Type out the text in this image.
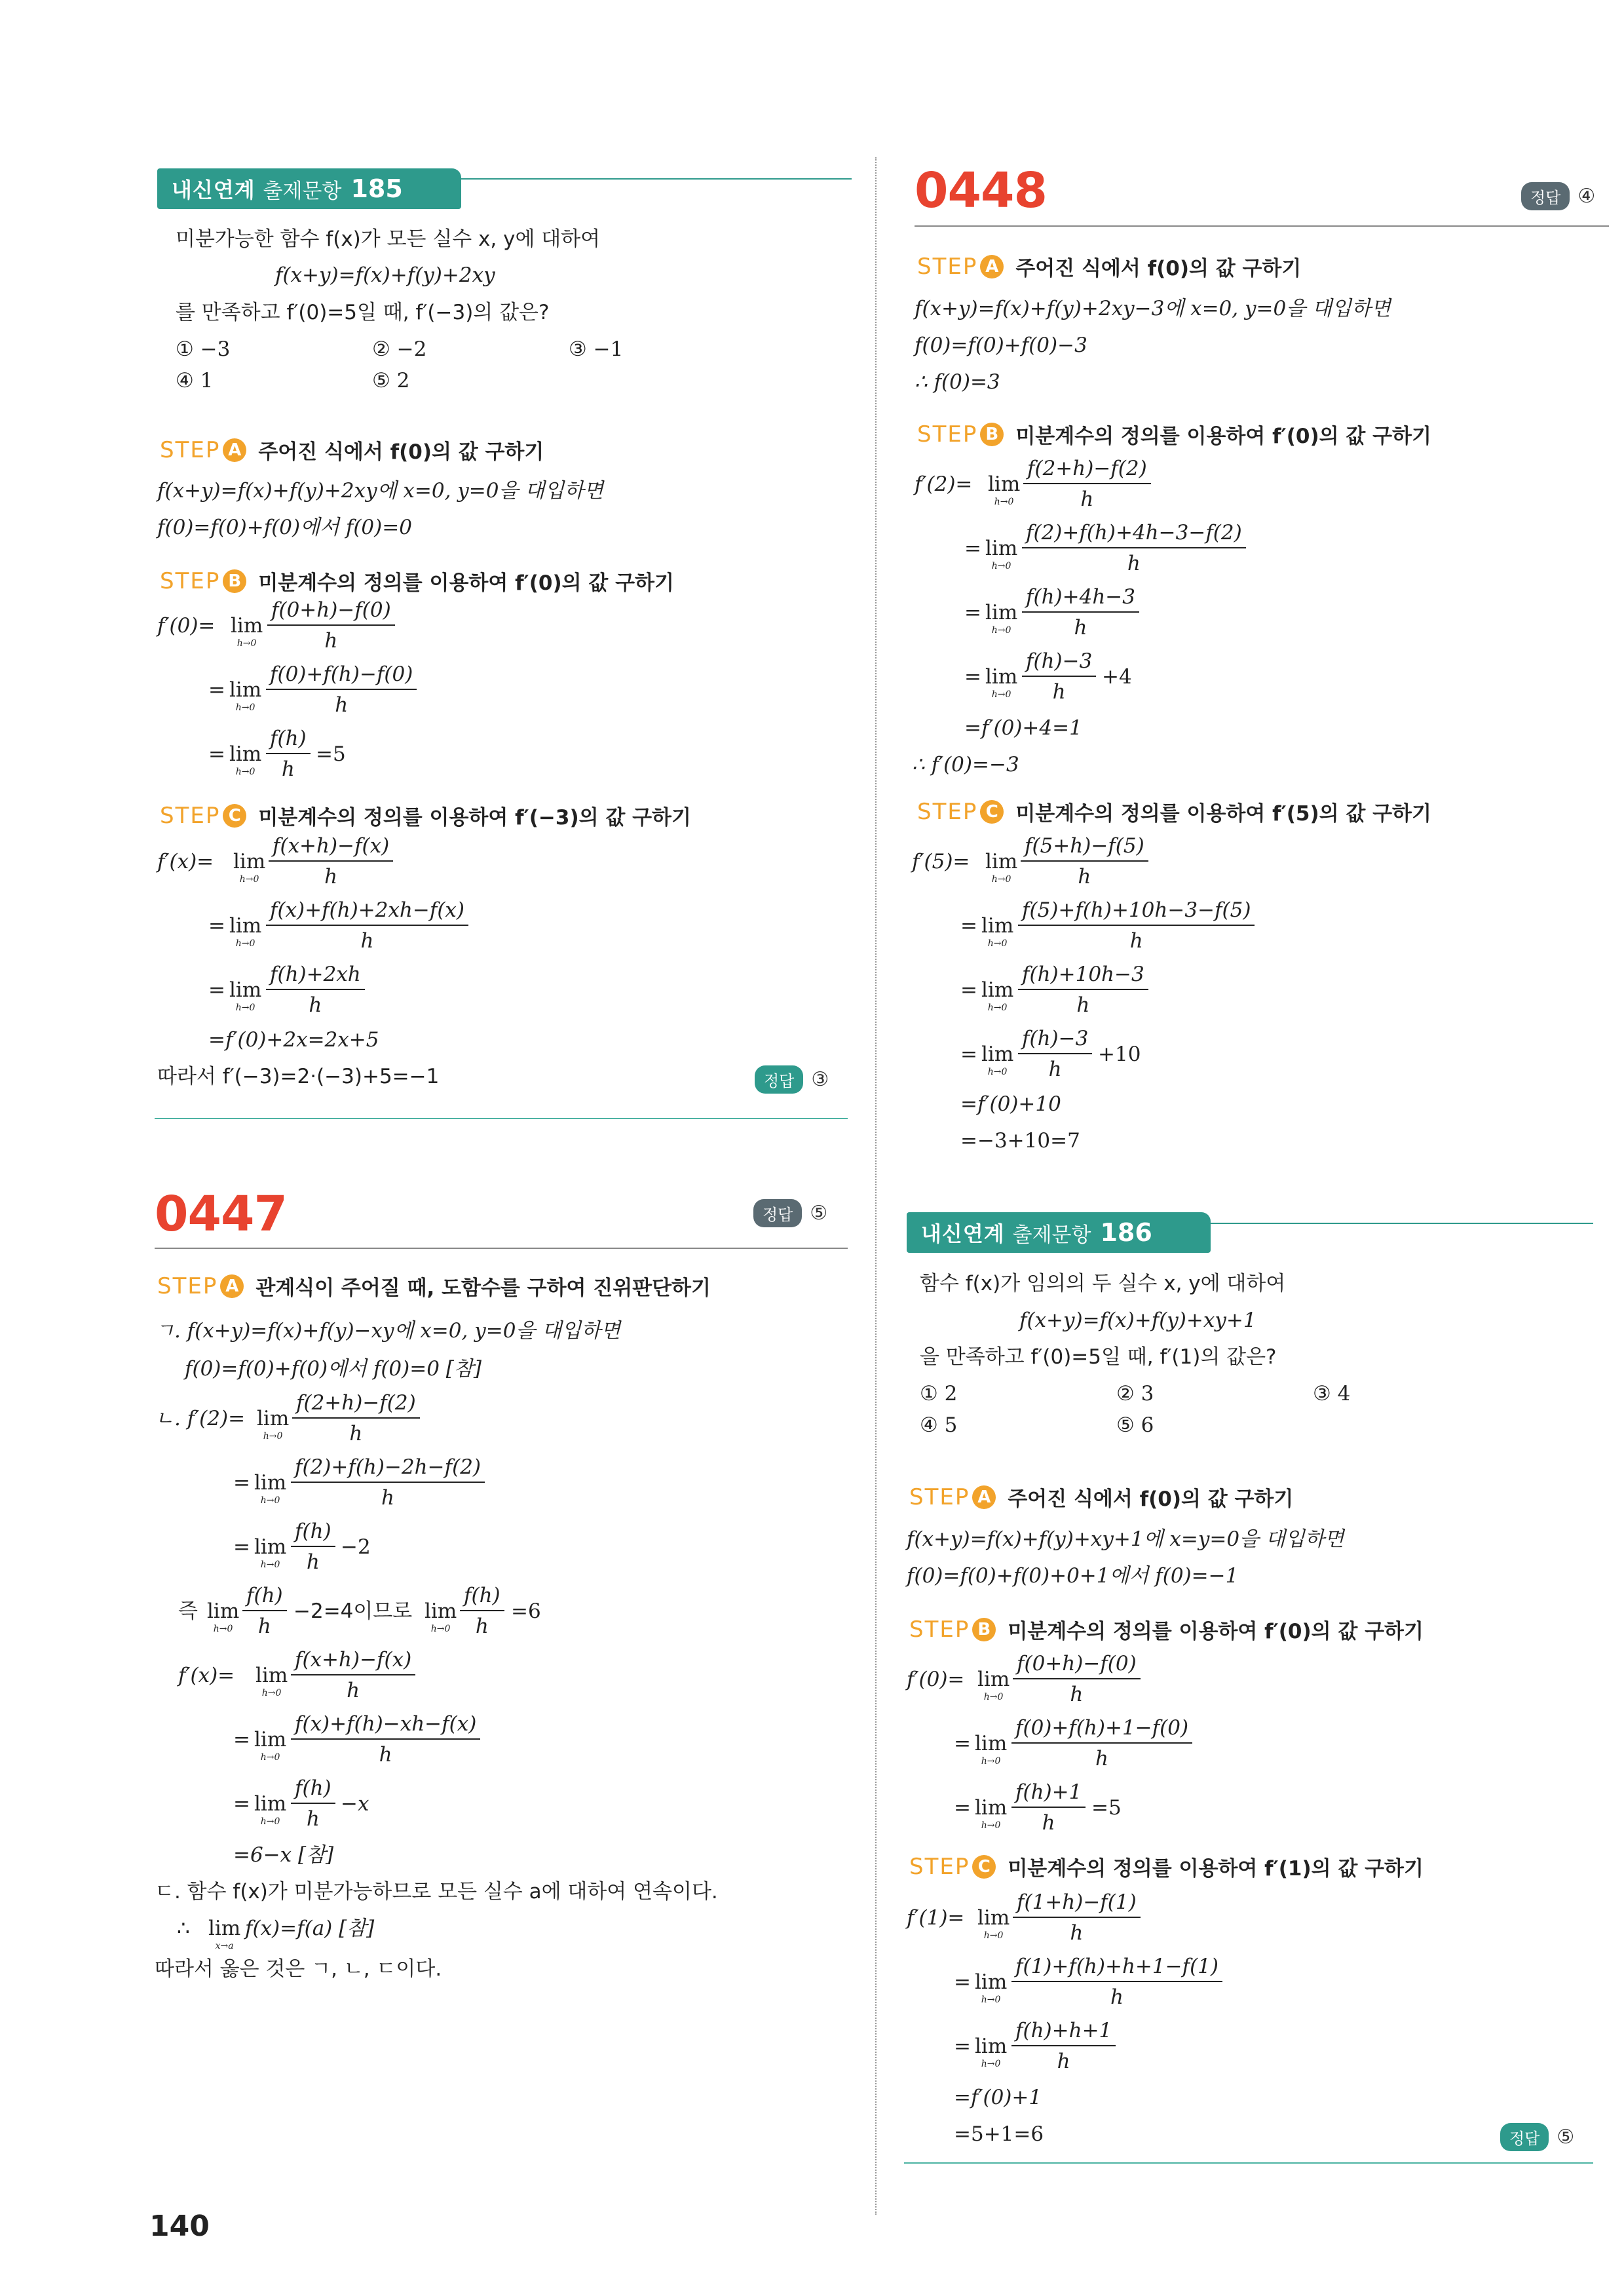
내신연계 출제문항 185
미분가능한 함수 f(x)가 모든 실수 x, y에 대하여
f(x+y)=f(x)+f(y)+2xy
를 만족하고 f′(0)=5일 때, f′(−3)의 값은?
① −3	② −2	③ −1
④ 1	⑤ 2
STEP A 주어진 식에서 f(0)의 값 구하기
f(x+y)=f(x)+f(y)+2xy에 x=0, y=0을 대입하면
f(0)=f(0)+f(0)에서 f(0)=0
STEP B 미분계수의 정의를 이용하여 f′(0)의 값 구하기
f′(0)= lim
$h\to 0 \frac{f(0+h)-f(0)}{h}$
= lim
$h\to 0 \frac{f(0)+f(h)-f(0)}{h}$
= lim
$h\to 0 \frac{f(h)}{h} =5$
STEP C 미분계수의 정의를 이용하여 f′(−3)의 값 구하기
f′(x)= lim
$h\to 0 \frac{f(x+h)-f(x)}{h}$
= lim
$h\to 0 \frac{f(x)+f(h)+2xh-f(x)}{h}$
= lim
$h\to 0 \frac{f(h)+2xh}{h}$
=f′(0)+2x=2x+5
따라서 f′(−3)=2·(−3)+5=−1	정답 ③
0447	정답 ⑤
STEP A 관계식이 주어질 때, 도함수를 구하여 진위판단하기
ㄱ. f(x+y)=f(x)+f(y)−xy에 x=0, y=0을 대입하면
f(0)=f(0)+f(0)에서 f(0)=0 [참]
ㄴ. f′(2)= lim
$h\to 0 \frac{f(2+h)-f(2)}{h}$
= lim
$h\to 0 \frac{f(2)+f(h)-2h-f(2)}{h}$
= lim
$h\to 0 \frac{f(h)}{h} -2$
즉 lim
$h\to 0 \frac{f(h)}{h} -2=4$이므로 lim
$h\to 0 \frac{f(h)}{h} =6$
f′(x)= lim
$h\to 0 \frac{f(x+h)-f(x)}{h}$
= lim
$h\to 0 \frac{f(x)+f(h)-xh-f(x)}{h}$
= lim
$h\to 0 \frac{f(h)}{h} -x$
=6−x [참]
ㄷ. 함수 f(x)가 미분가능하므로 모든 실수 a에 대하여 연속이다.
∴ lim
x→a
f(x)=f(a) [참]
따라서 옳은 것은 ㄱ, ㄴ, ㄷ이다.
140
0448	정답 ④
STEP A 주어진 식에서 f(0)의 값 구하기
f(x+y)=f(x)+f(y)+2xy−3에 x=0, y=0을 대입하면
f(0)=f(0)+f(0)−3
∴ f(0)=3
STEP B 미분계수의 정의를 이용하여 f′(0)의 값 구하기
f′(2)= lim
$h\to 0 \frac{f(2+h)-f(2)}{h}$
= lim
$h\to 0 \frac{f(2)+f(h)+4h-3-f(2)}{h}$
= lim
$h\to 0 \frac{f(h)+4h-3}{h}$
= lim
$h\to 0 \frac{f(h)-3}{h} +4$
=f′(0)+4=1
∴ f′(0)=−3
STEP C 미분계수의 정의를 이용하여 f′(5)의 값 구하기
f′(5)= lim
$h\to 0 \frac{f(5+h)-f(5)}{h}$
= lim
$h\to 0 \frac{f(5)+f(h)+10h-3-f(5)}{h}$
= lim
$h\to 0 \frac{f(h)+10h-3}{h}$
= lim
$h\to 0 \frac{f(h)-3}{h} +10$
=f′(0)+10
=−3+10=7
내신연계 출제문항 186
함수 f(x)가 임의의 두 실수 x, y에 대하여
f(x+y)=f(x)+f(y)+xy+1
을 만족하고 f′(0)=5일 때, f′(1)의 값은?
① 2	② 3	③ 4
④ 5	⑤ 6
STEP A 주어진 식에서 f(0)의 값 구하기
f(x+y)=f(x)+f(y)+xy+1에 x=y=0을 대입하면
f(0)=f(0)+f(0)+0+1에서 f(0)=−1
STEP B 미분계수의 정의를 이용하여 f′(0)의 값 구하기
f′(0)= lim
$h\to 0 \frac{f(0+h)-f(0)}{h}$
= lim
$h\to 0 \frac{f(0)+f(h)+1-f(0)}{h}$
= lim
$h\to 0 \frac{f(h)+1}{h} =5$
STEP C 미분계수의 정의를 이용하여 f′(1)의 값 구하기
f′(1)= lim
$h\to 0 \frac{f(1+h)-f(1)}{h}$
= lim
$h\to 0 \frac{f(1)+f(h)+h+1-f(1)}{h}$
= lim
$h\to 0 \frac{f(h)+h+1}{h}$
=f′(0)+1
=5+1=6	정답 ⑤
